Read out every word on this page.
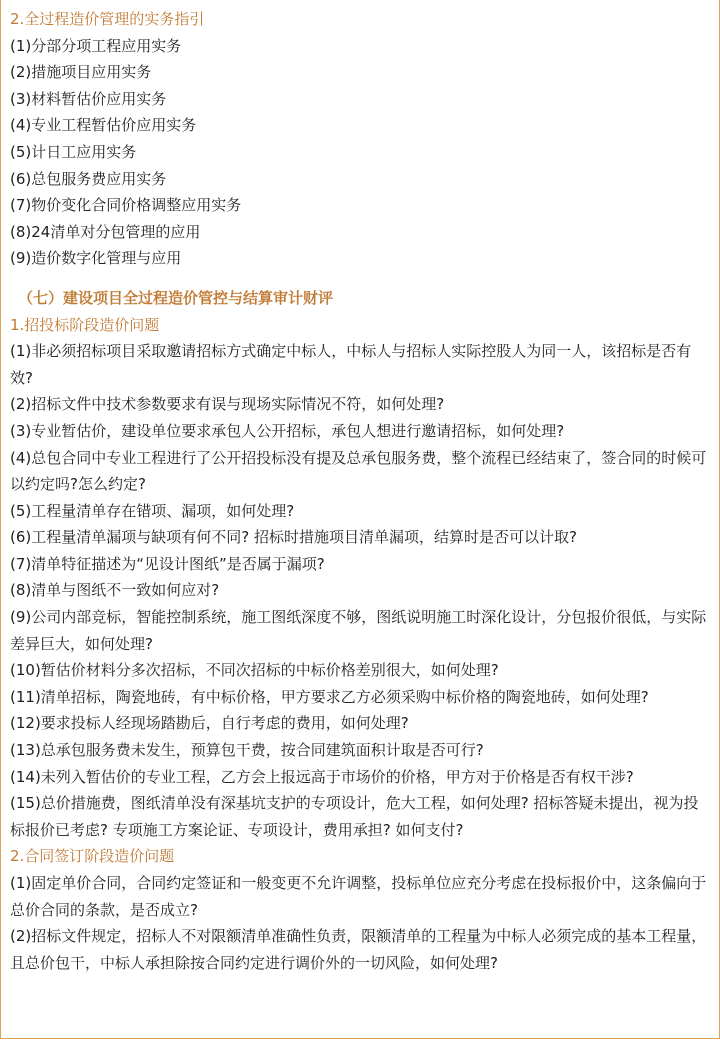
2.全过程造价管理的实务指引

(1)分部分项工程应用实务

(2)措施项目应用实务

(3)材料暂估价应用实务

(4)专业工程暂估价应用实务

(5)计日工应用实务

(6)总包服务费应用实务

(7)物价变化合同价格调整应用实务

(8)24清单对分包管理的应用

(9)造价数字化管理与应用

（七）建设项目全过程造价管控与结算审计财评

1.招投标阶段造价问题

(1)非必须招标项目采取邀请招标方式确定中标人，中标人与招标人实际控股人为同一人，该招标是否有效?

(2)招标文件中技术参数要求有误与现场实际情况不符，如何处理?

(3)专业暂估价，建设单位要求承包人公开招标，承包人想进行邀请招标，如何处理?

(4)总包合同中专业工程进行了公开招投标没有提及总承包服务费，整个流程已经结束了，签合同的时候可以约定吗?怎么约定?

(5)工程量清单存在错项、漏项，如何处理?

(6)工程量清单漏项与缺项有何不同? 招标时措施项目清单漏项，结算时是否可以计取?

(7)清单特征描述为“见设计图纸”是否属于漏项?

(8)清单与图纸不一致如何应对?

(9)公司内部竞标，智能控制系统，施工图纸深度不够，图纸说明施工时深化设计，分包报价很低，与实际差异巨大，如何处理?

(10)暂估价材料分多次招标，不同次招标的中标价格差别很大，如何处理?

(11)清单招标，陶瓷地砖，有中标价格，甲方要求乙方必须采购中标价格的陶瓷地砖，如何处理?

(12)要求投标人经现场踏勘后，自行考虑的费用，如何处理?

(13)总承包服务费未发生，预算包干费，按合同建筑面积计取是否可行?

(14)未列入暂估价的专业工程，乙方会上报远高于市场价的价格，甲方对于价格是否有权干涉?

(15)总价措施费，图纸清单没有深基坑支护的专项设计，危大工程，如何处理? 招标答疑未提出，视为投标报价已考虑? 专项施工方案论证、专项设计，费用承担? 如何支付?

2.合同签订阶段造价问题

(1)固定单价合同，合同约定签证和一般变更不允许调整，投标单位应充分考虑在投标报价中，这条偏向于总价合同的条款，是否成立?

(2)招标文件规定，招标人不对限额清单准确性负责，限额清单的工程量为中标人必须完成的基本工程量，且总价包干，中标人承担除按合同约定进行调价外的一切风险，如何处理?
